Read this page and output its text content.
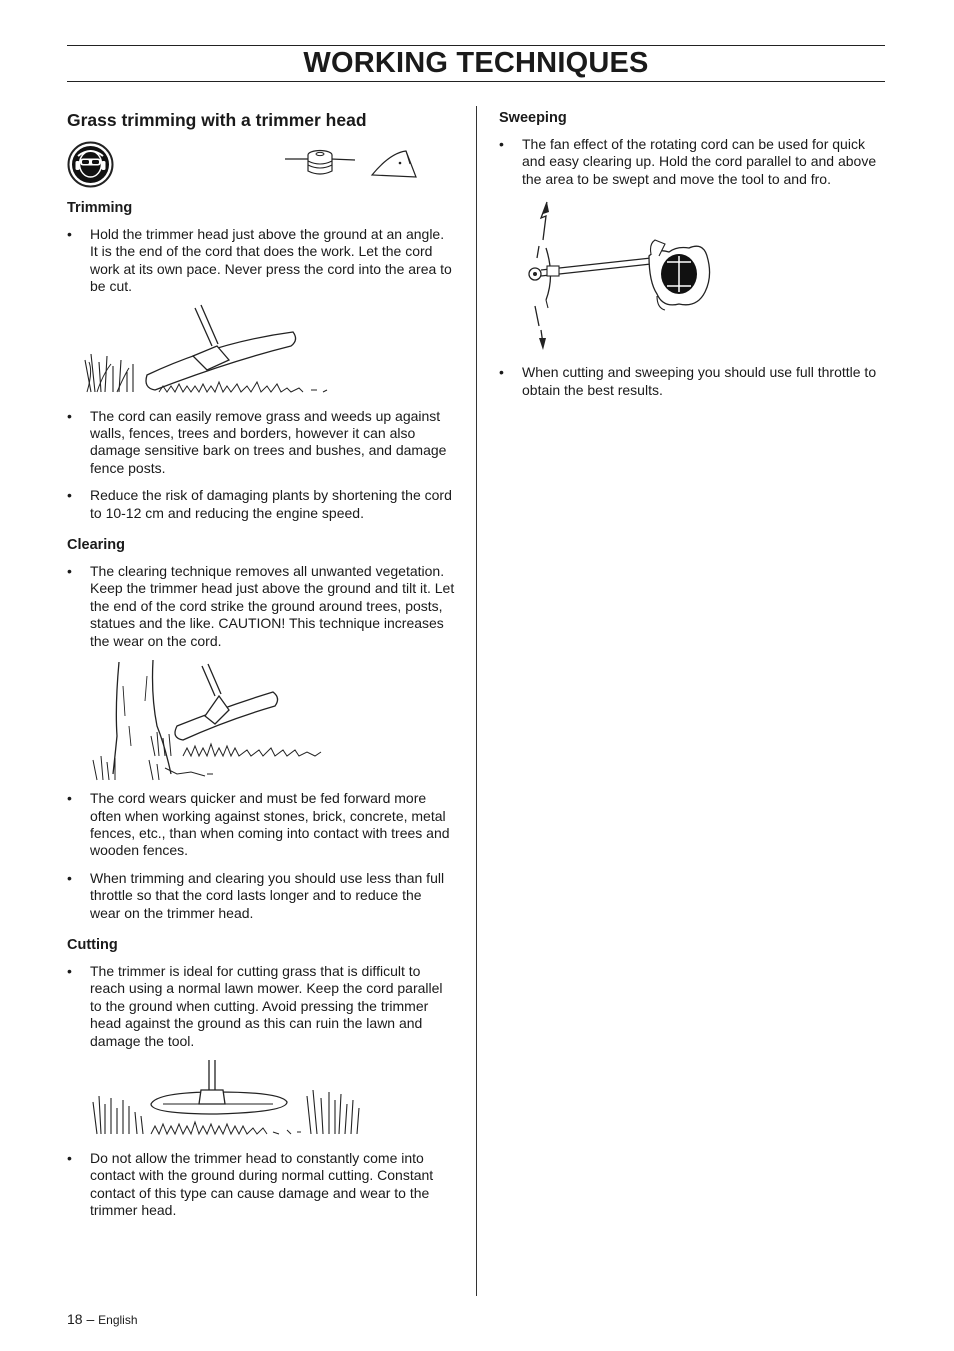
WORKING TECHNIQUES
Grass trimming with a trimmer head
Trimming

• Hold the trimmer head just above the ground at an angle. It is the end of the cord that does the work. Let the cord work at its own pace. Never press the cord into the area to be cut.

• The cord can easily remove grass and weeds up against walls, fences, trees and borders, however it can also damage sensitive bark on trees and bushes, and damage fence posts.

• Reduce the risk of damaging plants by shortening the cord to 10-12 cm and reducing the engine speed.

Clearing

• The clearing technique removes all unwanted vegetation. Keep the trimmer head just above the ground and tilt it. Let the end of the cord strike the ground around trees, posts, statues and the like. CAUTION! This technique increases the wear on the cord.

• The cord wears quicker and must be fed forward more often when working against stones, brick, concrete, metal fences, etc., than when coming into contact with trees and wooden fences.

• When trimming and clearing you should use less than full throttle so that the cord lasts longer and to reduce the wear on the trimmer head.

Cutting

• The trimmer is ideal for cutting grass that is difficult to reach using a normal lawn mower. Keep the cord parallel to the ground when cutting. Avoid pressing the trimmer head against the ground as this can ruin the lawn and damage the tool.

• Do not allow the trimmer head to constantly come into contact with the ground during normal cutting. Constant contact of this type can cause damage and wear to the trimmer head.

Sweeping

• The fan effect of the rotating cord can be used for quick and easy clearing up. Hold the cord parallel to and above the area to be swept and move the tool to and fro.

• When cutting and sweeping you should use full throttle to obtain the best results.

18 – English
